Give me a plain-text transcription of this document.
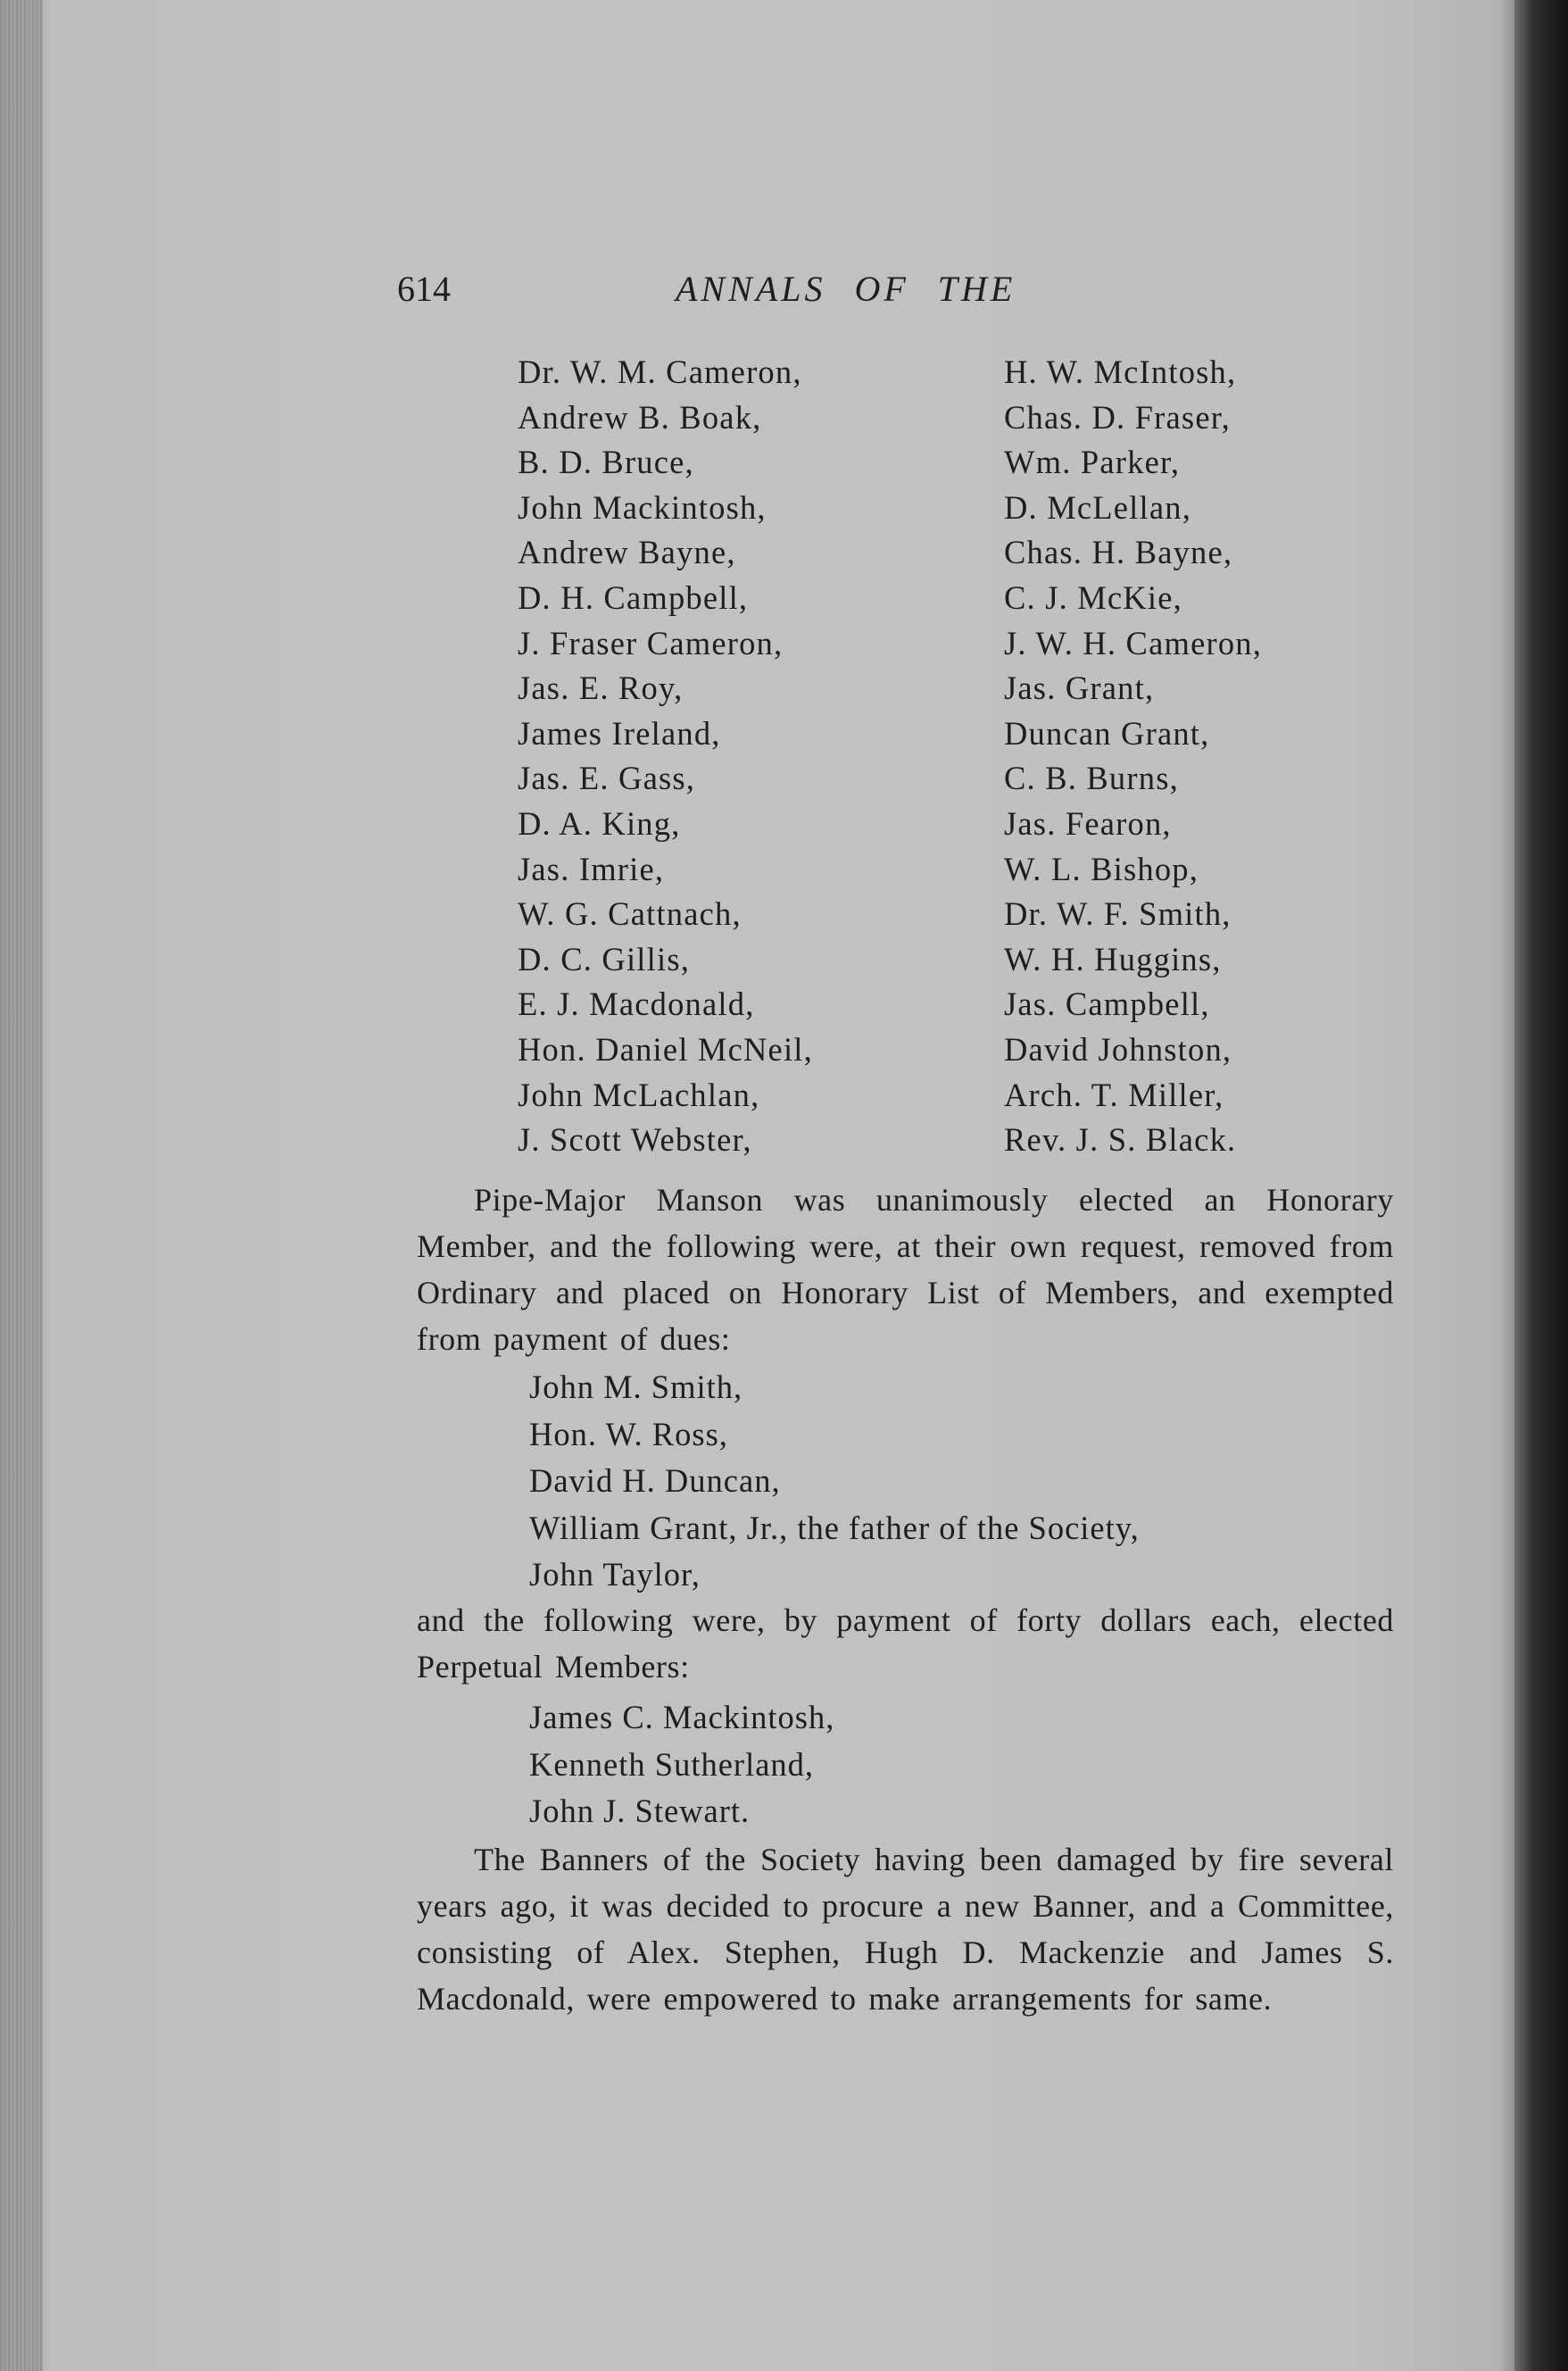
614	ANNALS OF THE
Dr. W. M. Cameron,	H. W. McIntosh,
Andrew B. Boak,	Chas. D. Fraser,
B. D. Bruce,	Wm. Parker,
John Mackintosh,	D. McLellan,
Andrew Bayne,	Chas. H. Bayne,
D. H. Campbell,	C. J. McKie,
J. Fraser Cameron,	J. W. H. Cameron,
Jas. E. Roy,	Jas. Grant,
James Ireland,	Duncan Grant,
Jas. E. Gass,	C. B. Burns,
D. A. King,	Jas. Fearon,
Jas. Imrie,	W. L. Bishop,
W. G. Cattnach,	Dr. W. F. Smith,
D. C. Gillis,	W. H. Huggins,
E. J. Macdonald,	Jas. Campbell,
Hon. Daniel McNeil,	David Johnston,
John McLachlan,	Arch. T. Miller,
J. Scott Webster,	Rev. J. S. Black.
Pipe-Major Manson was unanimously elected an Honorary Member, and the following were, at their own request, removed from Ordinary and placed on Honorary List of Members, and exempted from payment of dues:
John M. Smith,
Hon. W. Ross,
David H. Duncan,
William Grant, Jr., the father of the Society,
John Taylor,
and the following were, by payment of forty dollars each, elected Perpetual Members:
James C. Mackintosh,
Kenneth Sutherland,
John J. Stewart.
The Banners of the Society having been damaged by fire several years ago, it was decided to procure a new Banner, and a Committee, consisting of Alex. Stephen, Hugh D. Mackenzie and James S. Macdonald, were empowered to make arrangements for same.
